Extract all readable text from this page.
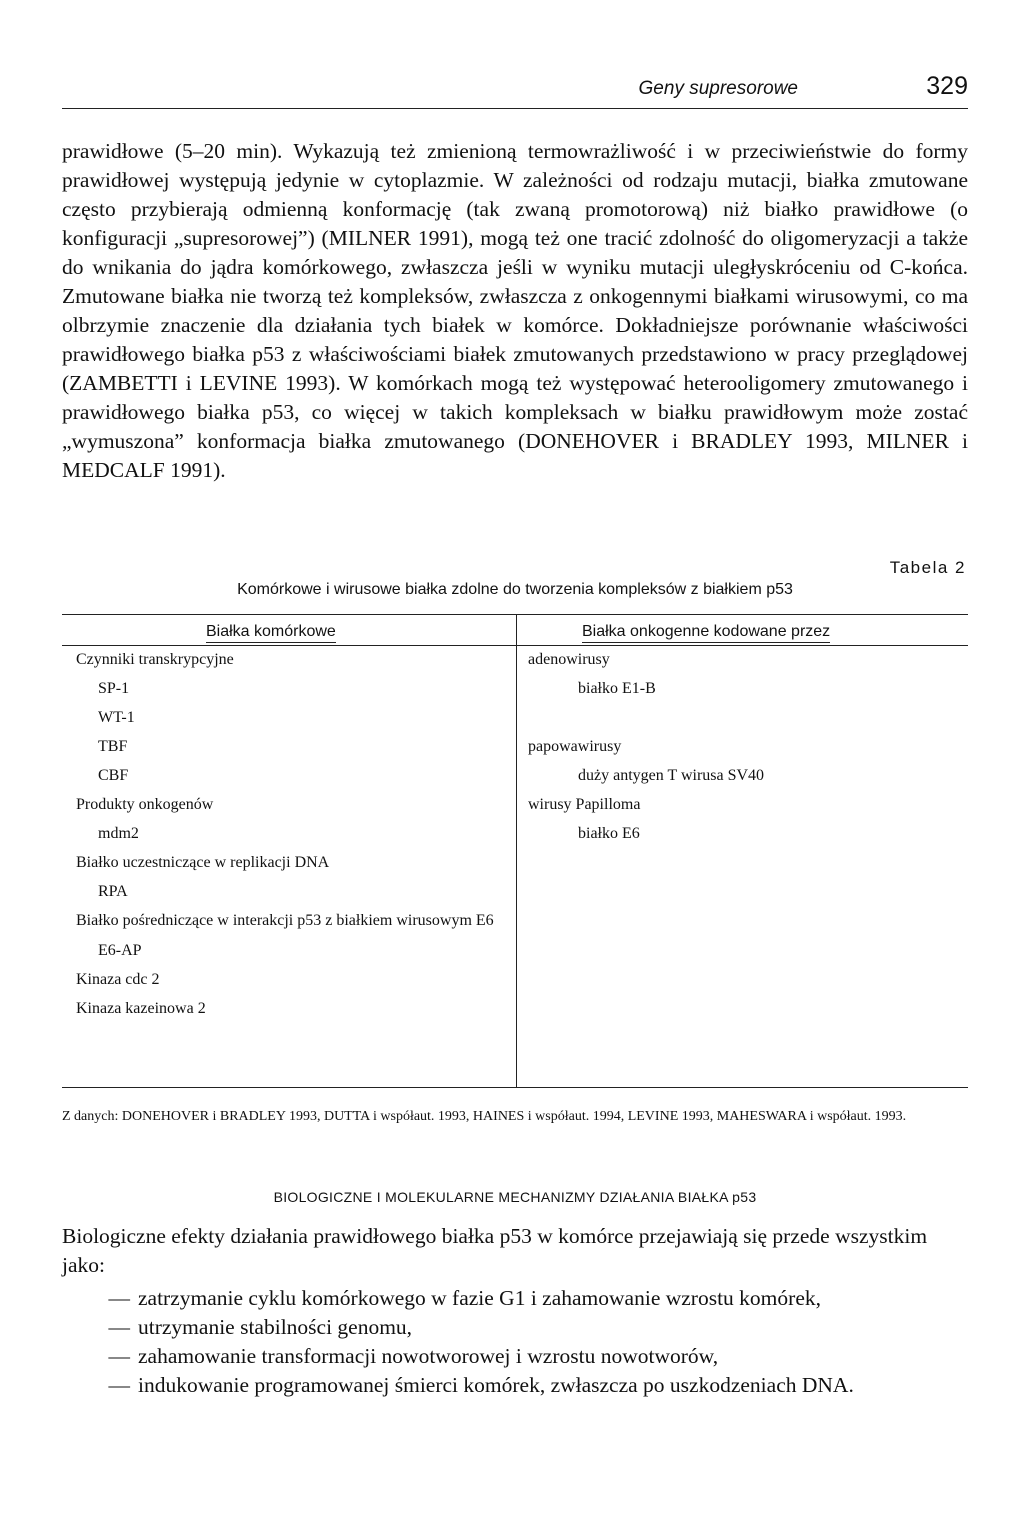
Geny supresorowe	329
prawidłowe (5–20 min). Wykazują też zmienioną termowrażliwość i w przeciwieństwie do formy prawidłowej występują jedynie w cytoplazmie. W zależności od rodzaju mutacji, białka zmutowane często przybierają odmienną konformację (tak zwaną promotorową) niż białko prawidłowe (o konfiguracji „supresorowej”) (MILNER 1991), mogą też one tracić zdolność do oligomeryzacji a także do wnikania do jądra komórkowego, zwłaszcza jeśli w wyniku mutacji uległyskróceniu od C-końca. Zmutowane białka nie tworzą też kompleksów, zwłaszcza z onkogennymi białkami wirusowymi, co ma olbrzymie znaczenie dla działania tych białek w komórce. Dokładniejsze porównanie właściwości prawidłowego białka p53 z właściwościami białek zmutowanych przedstawiono w pracy przeglądowej (ZAMBETTI i LEVINE 1993). W komórkach mogą też występować heterooligomery zmutowanego i prawidłowego białka p53, co więcej w takich kompleksach w białku prawidłowym może zostać „wymuszona” konformacja białka zmutowanego (DONEHOVER i BRADLEY 1993, MILNER i MEDCALF 1991).
Tabela 2
Komórkowe i wirusowe białka zdolne do tworzenia kompleksów z białkiem p53
Białka komórkowe	Białka onkogenne kodowane przez
Czynniki transkrypcyjne
SP-1
WT-1
TBF
CBF
Produkty onkogenów
mdm2
Białko uczestniczące w replikacji DNA
RPA
Białko pośredniczące w interakcji p53 z białkiem wirusowym E6
E6-AP
Kinaza cdc 2
Kinaza kazeinowa 2
adenowirusy
białko E1-B
papowawirusy
duży antygen T wirusa SV40
wirusy Papilloma
białko E6
Z danych: DONEHOVER i BRADLEY 1993, DUTTA i współaut. 1993, HAINES i współaut. 1994, LEVINE 1993, MAHESWARA i współaut. 1993.
BIOLOGICZNE I MOLEKULARNE MECHANIZMY DZIAŁANIA BIAŁKA p53
Biologiczne efekty działania prawidłowego białka p53 w komórce przejawiają się przede wszystkim jako:
— zatrzymanie cyklu komórkowego w fazie G1 i zahamowanie wzrostu komórek,
— utrzymanie stabilności genomu,
— zahamowanie transformacji nowotworowej i wzrostu nowotworów,
— indukowanie programowanej śmierci komórek, zwłaszcza po uszkodzeniach DNA.
